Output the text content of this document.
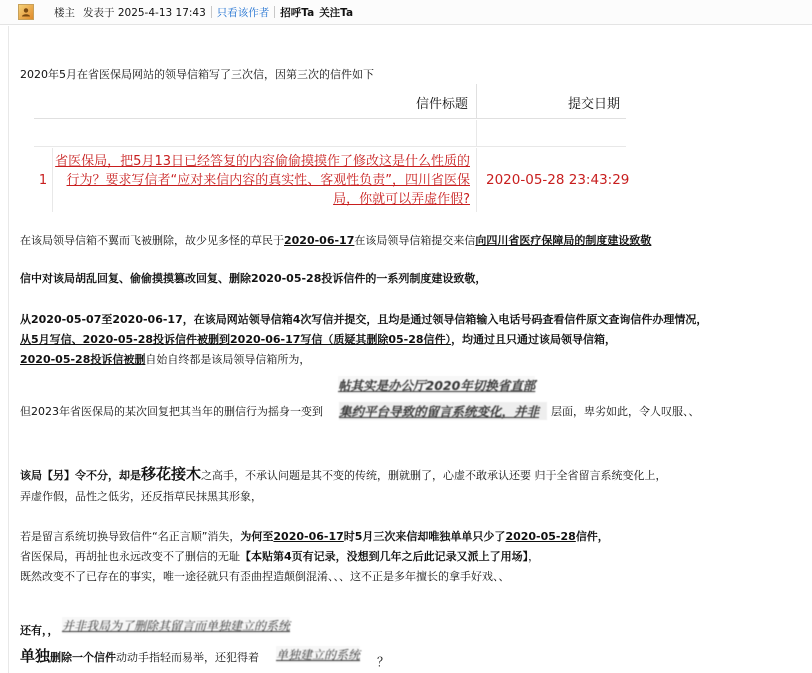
楼主 发表于 2025-4-13 17:43 只看该作者 招呼Ta 关注Ta
2020年5月在省医保局网站的领导信箱写了三次信，因第三次的信件如下
信件标题	提交日期
1
省医保局，把5月13日已经答复的内容偷偷摸摸作了修改这是什么性质的行为？要求写信者“应对来信内容的真实性、客观性负责”，四川省医保局，你就可以弄虚作假?
2020-05-28 23:43:29
在该局领导信箱不翼而飞被删除，故少见多怪的草民于2020-06-17在该局领导信箱提交来信向四川省医疗保障局的制度建设致敬
信中对该局胡乱回复、偷偷摸摸篡改回复、删除2020-05-28投诉信件的一系列制度建设致敬，
从2020-05-07至2020-06-17，在该局网站领导信箱4次写信并提交，且均是通过领导信箱输入电话号码查看信件原文查询信件办理情况，
从5月写信、2020-05-28投诉信件被删到2020-06-17写信（质疑其删除05-28信件），均通过且只通过该局领导信箱，
2020-05-28投诉信被删自始自终都是该局领导信箱所为，
帖其实是办公厅2020年切换省直部
但2023年省医保局的某次回复把其当年的删信行为摇身一变到 集约平台导致的留言系统变化，并非	层面，卑劣如此，令人叹服、、
该局【另】令不分，却是移花接木之高手，不承认问题是其不变的传统，删就删了，心虚不敢承认还要 归于全省留言系统变化上，
弄虚作假，品性之低劣，还反指草民抹黑其形象，
若是留言系统切换导致信件“名正言顺”消失，为何至2020-06-17时5月三次来信却唯独单单只少了2020-05-28信件，
省医保局，再胡扯也永远改变不了删信的无耻【本贴第4页有记录，没想到几年之后此记录又派上了用场】，
既然改变不了已存在的事实，唯一途径就只有歪曲捏造颠倒混淆、、、这不正是多年擅长的拿手好戏、、
还有，， 并非我局为了删除其留言而单独建立的系统
单独删除一个信件动动手指轻而易举，还犯得着 单独建立的系统 ？
